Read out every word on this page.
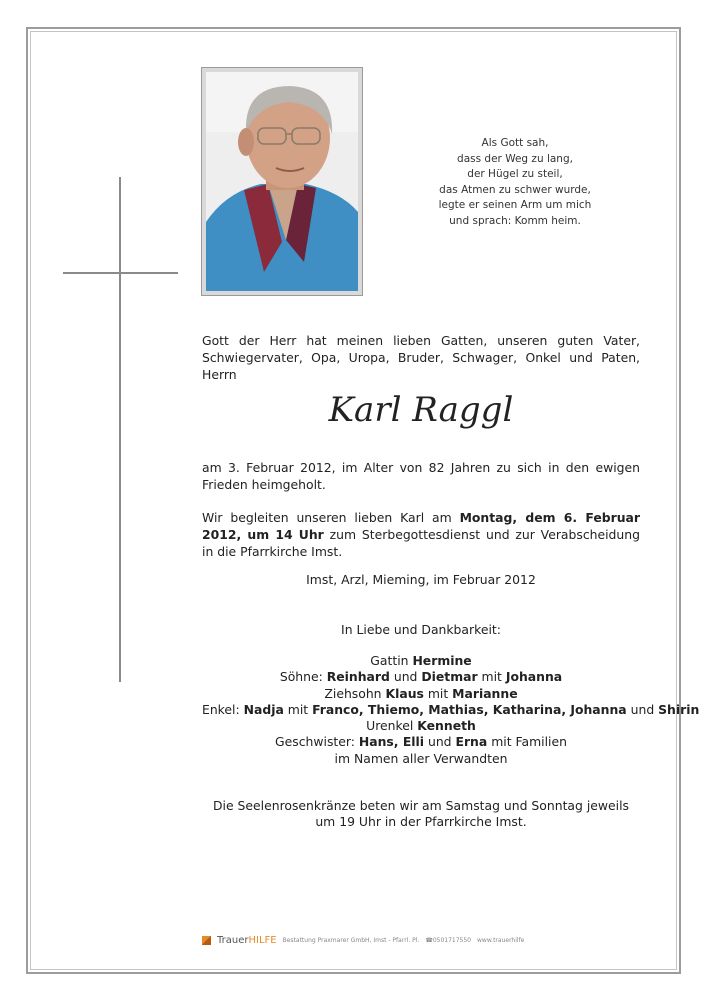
Als Gott sah,
dass der Weg zu lang,
der Hügel zu steil,
das Atmen zu schwer wurde,
legte er seinen Arm um mich
und sprach: Komm heim.
Gott der Herr hat meinen lieben Gatten, unseren guten Vater, Schwiegervater, Opa, Uropa, Bruder, Schwager, Onkel und Paten, Herrn
Karl Raggl
am 3. Februar 2012, im Alter von 82 Jahren zu sich in den ewigen Frieden heimgeholt.
Wir begleiten unseren lieben Karl am Montag, dem 6. Februar 2012, um 14 Uhr zum Sterbegottesdienst und zur Verabscheidung in die Pfarrkirche Imst.
Imst, Arzl, Mieming, im Februar 2012
In Liebe und Dankbarkeit:
Gattin Hermine
Söhne: Reinhard und Dietmar mit Johanna
Ziehsohn Klaus mit Marianne
Enkel: Nadja mit Franco, Thiemo, Mathias, Katharina, Johanna und Shirin
Urenkel Kenneth
Geschwister: Hans, Elli und Erna mit Familien
im Namen aller Verwandten
Die Seelenrosenkränze beten wir am Samstag und Sonntag jeweils
um 19 Uhr in der Pfarrkirche Imst.
TrauerHILFE Bestattung Praxmarer GmbH, Imst - Pfarrl. Pl. ☎0501717550 www.trauerhilfe
